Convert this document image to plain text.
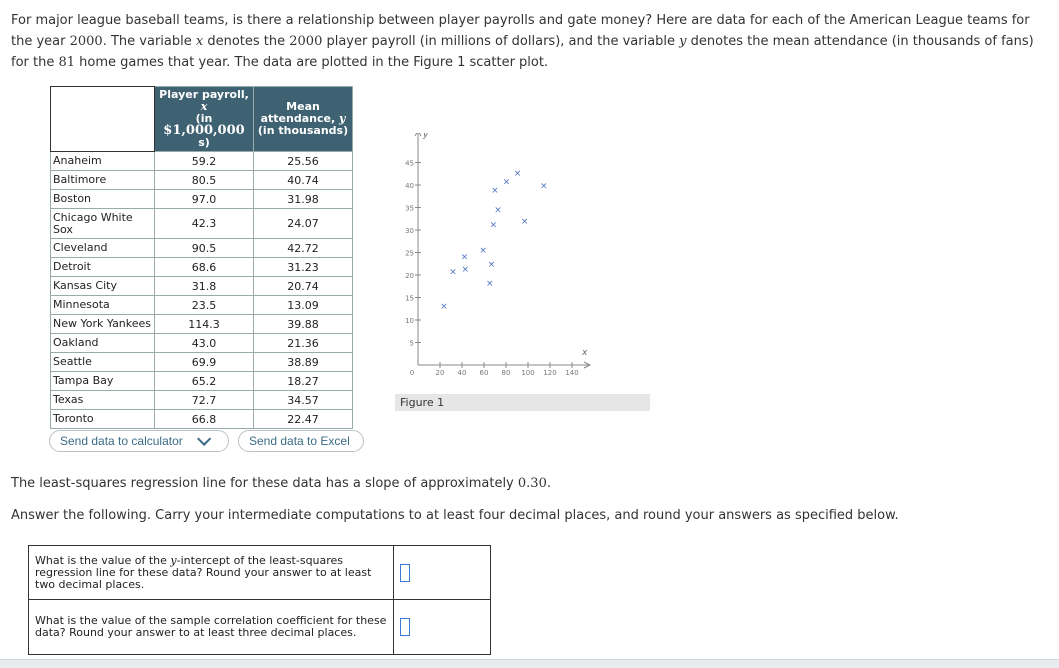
For major league baseball teams, is there a relationship between player payrolls and gate money? Here are data for each of the American League teams for the year 2000. The variable x denotes the 2000 player payroll (in millions of dollars), and the variable y denotes the mean attendance (in thousands of fans) for the 81 home games that year. The data are plotted in the Figure 1 scatter plot.
	Player payroll, x
(in $1,000,000
s)	Mean
attendance, y
(in thousands)
Anaheim	59.2	25.56
Baltimore	80.5	40.74
Boston	97.0	31.98
Chicago White Sox	42.3	24.07
Cleveland	90.5	42.72
Detroit	68.6	31.23
Kansas City	31.8	20.74
Minnesota	23.5	13.09
New York Yankees	114.3	39.88
Oakland	43.0	21.36
Seattle	69.9	38.89
Tampa Bay	65.2	18.27
Texas	72.7	34.57
Toronto	66.8	22.47
Send data to calculator	Send data to Excel
5
10
15
20
25
30
35
40
45
20 40 60 80 100 120 140
0
y
x
×
×
×
×
×
×
×
×
×
×
×
×
×
×
Figure 1
The least-squares regression line for these data has a slope of approximately 0.30.
Answer the following. Carry your intermediate computations to at least four decimal places, and round your answers as specified below.
What is the value of the y-intercept of the least-squares regression line for these data? Round your answer to at least two decimal places.	

What is the value of the sample correlation coefficient for these data? Round your answer to at least three decimal places.	
